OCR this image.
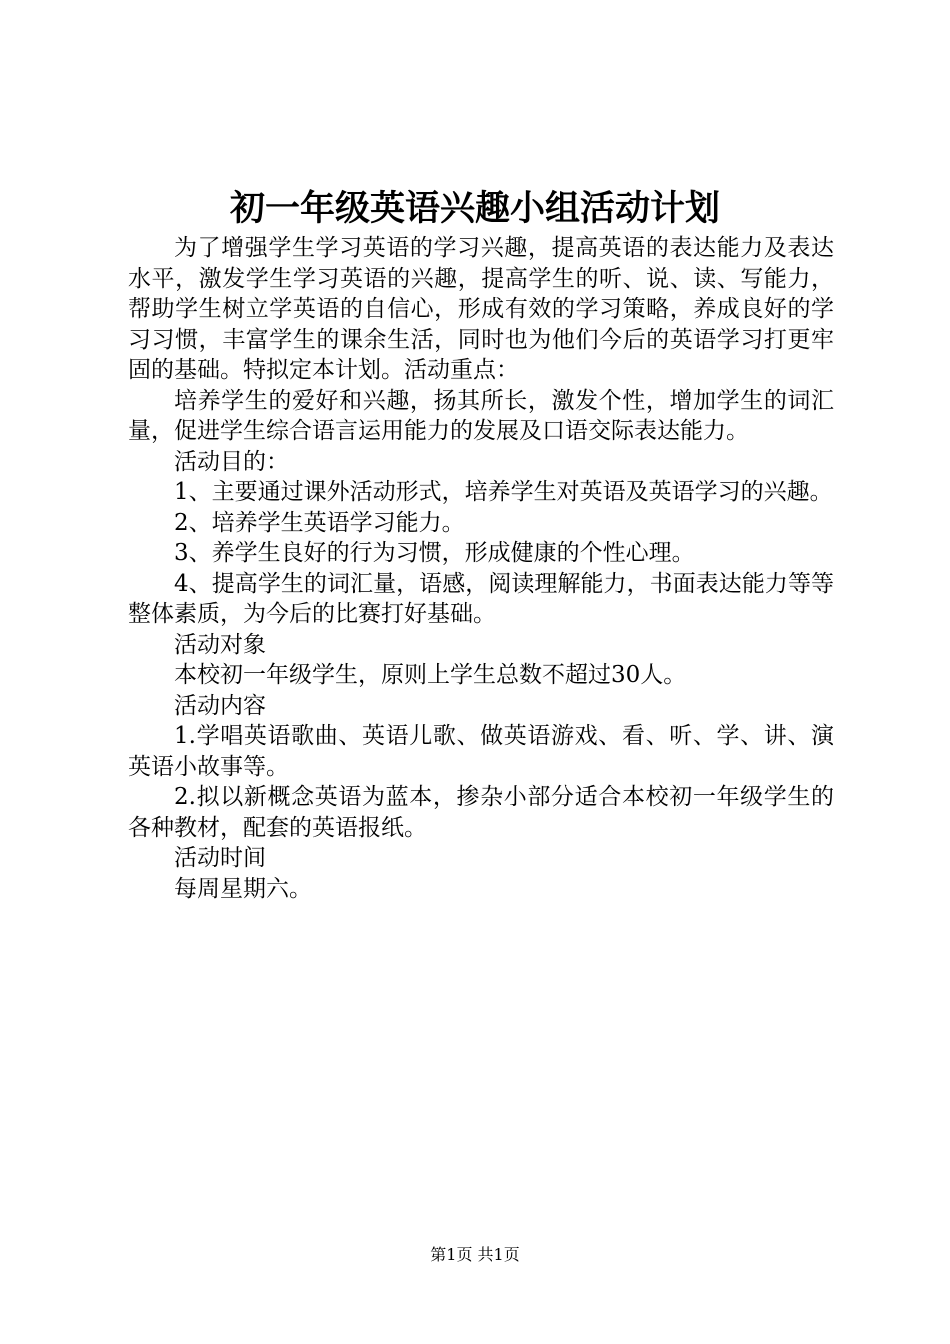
初一年级英语兴趣小组活动计划

为了增强学生学习英语的学习兴趣，提高英语的表达能力及表达水平，激发学生学习英语的兴趣，提高学生的听、说、读、写能力，帮助学生树立学英语的自信心，形成有效的学习策略，养成良好的学习习惯，丰富学生的课余生活，同时也为他们今后的英语学习打更牢固的基础。特拟定本计划。活动重点：

培养学生的爱好和兴趣，扬其所长，激发个性，增加学生的词汇量，促进学生综合语言运用能力的发展及口语交际表达能力。

活动目的：

1、主要通过课外活动形式，培养学生对英语及英语学习的兴趣。

2、培养学生英语学习能力。

3、养学生良好的行为习惯，形成健康的个性心理。

4、提高学生的词汇量，语感，阅读理解能力，书面表达能力等等整体素质，为今后的比赛打好基础。

活动对象

本校初一年级学生，原则上学生总数不超过30人。

活动内容

1.学唱英语歌曲、英语儿歌、做英语游戏、看、听、学、讲、演英语小故事等。

2.拟以新概念英语为蓝本，掺杂小部分适合本校初一年级学生的各种教材，配套的英语报纸。

活动时间

每周星期六。

第1页 共1页
